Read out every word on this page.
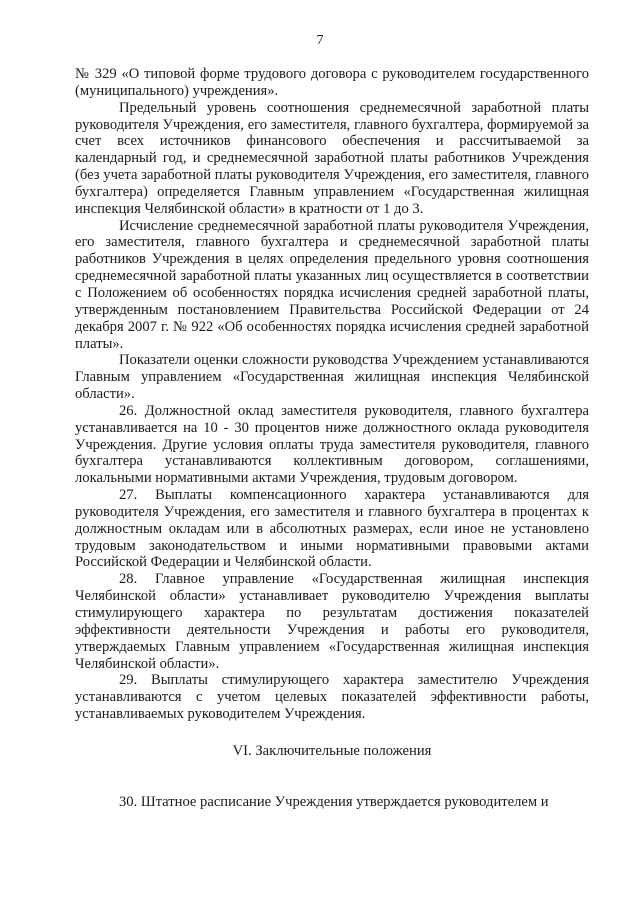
7

№ 329 «О типовой форме трудового договора с руководителем государственного (муниципального) учреждения».

Предельный уровень соотношения среднемесячной заработной платы руководителя Учреждения, его заместителя, главного бухгалтера, формируемой за счет всех источников финансового обеспечения и рассчитываемой за календарный год, и среднемесячной заработной платы работников Учреждения (без учета заработной платы руководителя Учреждения, его заместителя, главного бухгалтера) определяется Главным управлением «Государственная жилищная инспекция Челябинской области» в кратности от 1 до 3.

Исчисление среднемесячной заработной платы руководителя Учреждения, его заместителя, главного бухгалтера и среднемесячной заработной платы работников Учреждения в целях определения предельного уровня соотношения среднемесячной заработной платы указанных лиц осуществляется в соответствии с Положением об особенностях порядка исчисления средней заработной платы, утвержденным постановлением Правительства Российской Федерации от 24 декабря 2007 г. № 922 «Об особенностях порядка исчисления средней заработной платы».

Показатели оценки сложности руководства Учреждением устанавливаются Главным управлением «Государственная жилищная инспекция Челябинской области».

26. Должностной оклад заместителя руководителя, главного бухгалтера устанавливается на 10 - 30 процентов ниже должностного оклада руководителя Учреждения. Другие условия оплаты труда заместителя руководителя, главного бухгалтера устанавливаются коллективным договором, соглашениями, локальными нормативными актами Учреждения, трудовым договором.

27. Выплаты компенсационного характера устанавливаются для руководителя Учреждения, его заместителя и главного бухгалтера в процентах к должностным окладам или в абсолютных размерах, если иное не установлено трудовым законодательством и иными нормативными правовыми актами Российской Федерации и Челябинской области.

28. Главное управление «Государственная жилищная инспекция Челябинской области» устанавливает руководителю Учреждения выплаты стимулирующего характера по результатам достижения показателей эффективности деятельности Учреждения и работы его руководителя, утверждаемых Главным управлением «Государственная жилищная инспекция Челябинской области».

29. Выплаты стимулирующего характера заместителю Учреждения устанавливаются с учетом целевых показателей эффективности работы, устанавливаемых руководителем Учреждения.

VI. Заключительные положения

30. Штатное расписание Учреждения утверждается руководителем и
